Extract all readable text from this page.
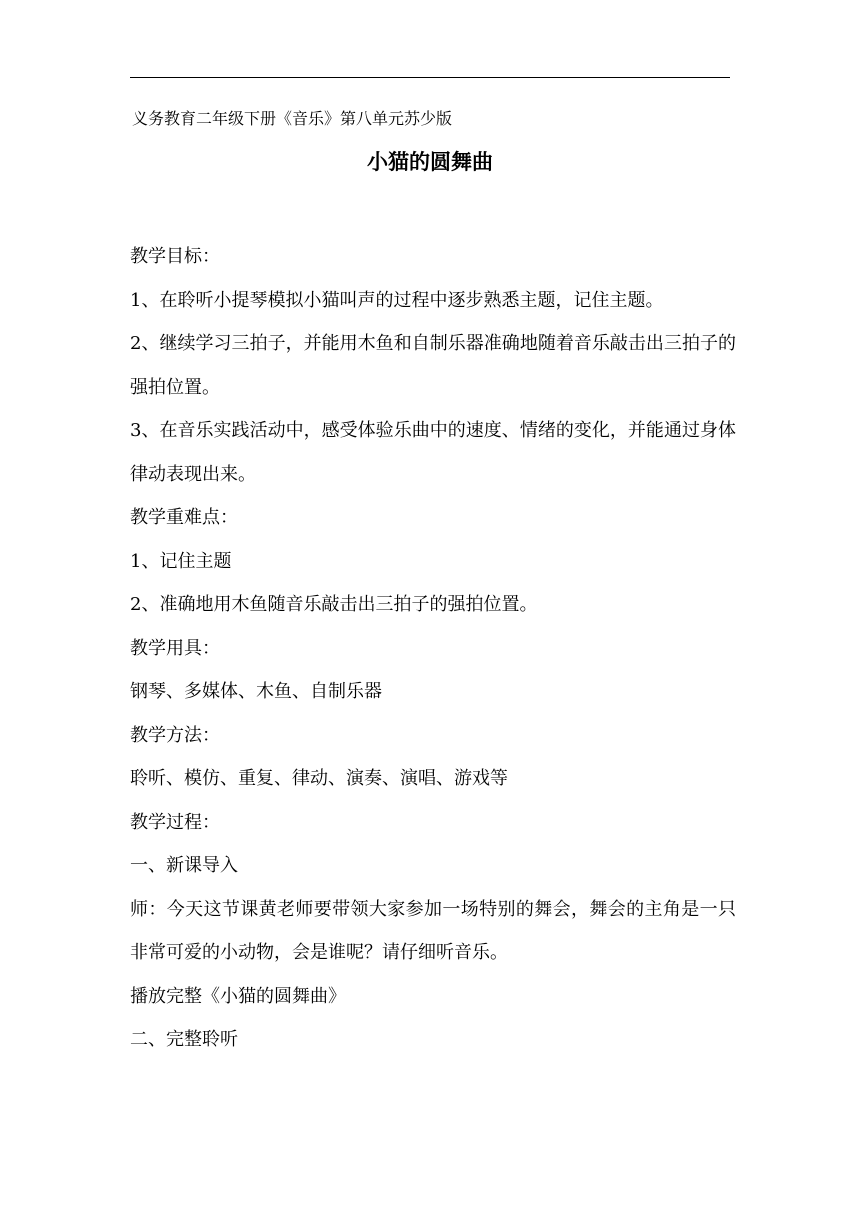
义务教育二年级下册《音乐》第八单元苏少版
小猫的圆舞曲

教学目标：

1、在聆听小提琴模拟小猫叫声的过程中逐步熟悉主题，记住主题。

2、继续学习三拍子，并能用木鱼和自制乐器准确地随着音乐敲击出三拍子的强拍位置。

3、在音乐实践活动中，感受体验乐曲中的速度、情绪的变化，并能通过身体律动表现出来。

教学重难点：

1、记住主题

2、准确地用木鱼随音乐敲击出三拍子的强拍位置。

教学用具：

钢琴、多媒体、木鱼、自制乐器

教学方法：

聆听、模仿、重复、律动、演奏、演唱、游戏等

教学过程：

一、新课导入

师：今天这节课黄老师要带领大家参加一场特别的舞会，舞会的主角是一只非常可爱的小动物，会是谁呢？请仔细听音乐。

播放完整《小猫的圆舞曲》

二、完整聆听
